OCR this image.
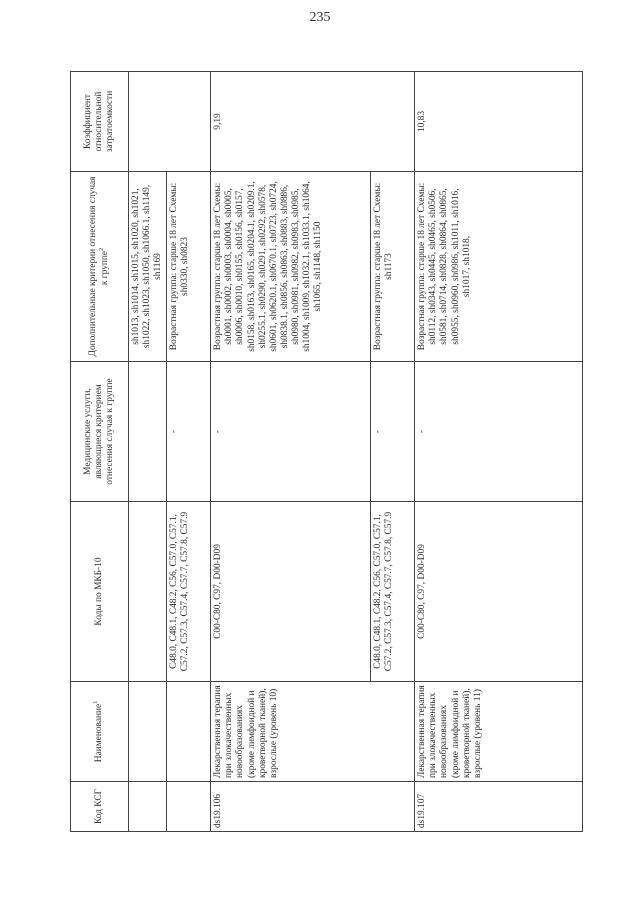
235
Код КСГ	Наименование$^1$	Коды по МКБ-10	Медицинские услуги, являющиеся критерием отнесения случая к группе	Дополнительные критерии отнесения случая к группе$^2$	Коэффициент относительной затратоемкости
				sh1013, sh1014, sh1015, sh1020, sh1021, sh1022, sh1023, sh1050, sh1066.1, sh1149, sh1169	
		C48.0, C48.1, C48.2, C56, C57.0, C57.1, C57.2, C57.3, C57.4, C57.7, C57.8, C57.9	-	Возрастная группа: старше 18 лет Схемы: sh0330, sh0823	
ds19.106	Лекарственная терапия при злокачественных новообразованиях (кроме лимфоидной и кроветворной тканей), взрослые (уровень 10)	C00-C80, C97, D00-D09	-	Возрастная группа: старше 18 лет Схемы: sh0001, sh0002, sh0003, sh0004, sh0005, sh0006, sh0010, sh0155, sh0156, sh0157, sh0158, sh0163, sh0165, sh0204.1, sh0209.1, sh0255.1, sh0290, sh0291, sh0292, sh0578, sh0601, sh0620.1, sh0670.1, sh0723, sh0724, sh0838.1, sh0856, sh0863, sh0883, sh0886, sh0980, sh0981, sh0982, sh0983, sh0985, sh1004, sh1009, sh1032.1, sh1033.1, sh1064, sh1065, sh1148, sh1150	9,19
		C48.0, C48.1, C48.2, C56, C57.0, C57.1, C57.2, C57.3, C57.4, C57.7, C57.8, C57.9	-	Возрастная группа: старше 18 лет Схемы: sh1173	
ds19.107	Лекарственная терапия при злокачественных новообразованиях (кроме лимфоидной и кроветворной тканей), взрослые (уровень 11)	C00-C80, C97, D00-D09	-	Возрастная группа: старше 18 лет Схемы: sh0112, sh0343, sh0445, sh0465, sh0506, sh0581, sh0714, sh0828, sh0864, sh0865, sh0955, sh0960, sh0986, sh1011, sh1016, sh1017, sh1018,	10,83
